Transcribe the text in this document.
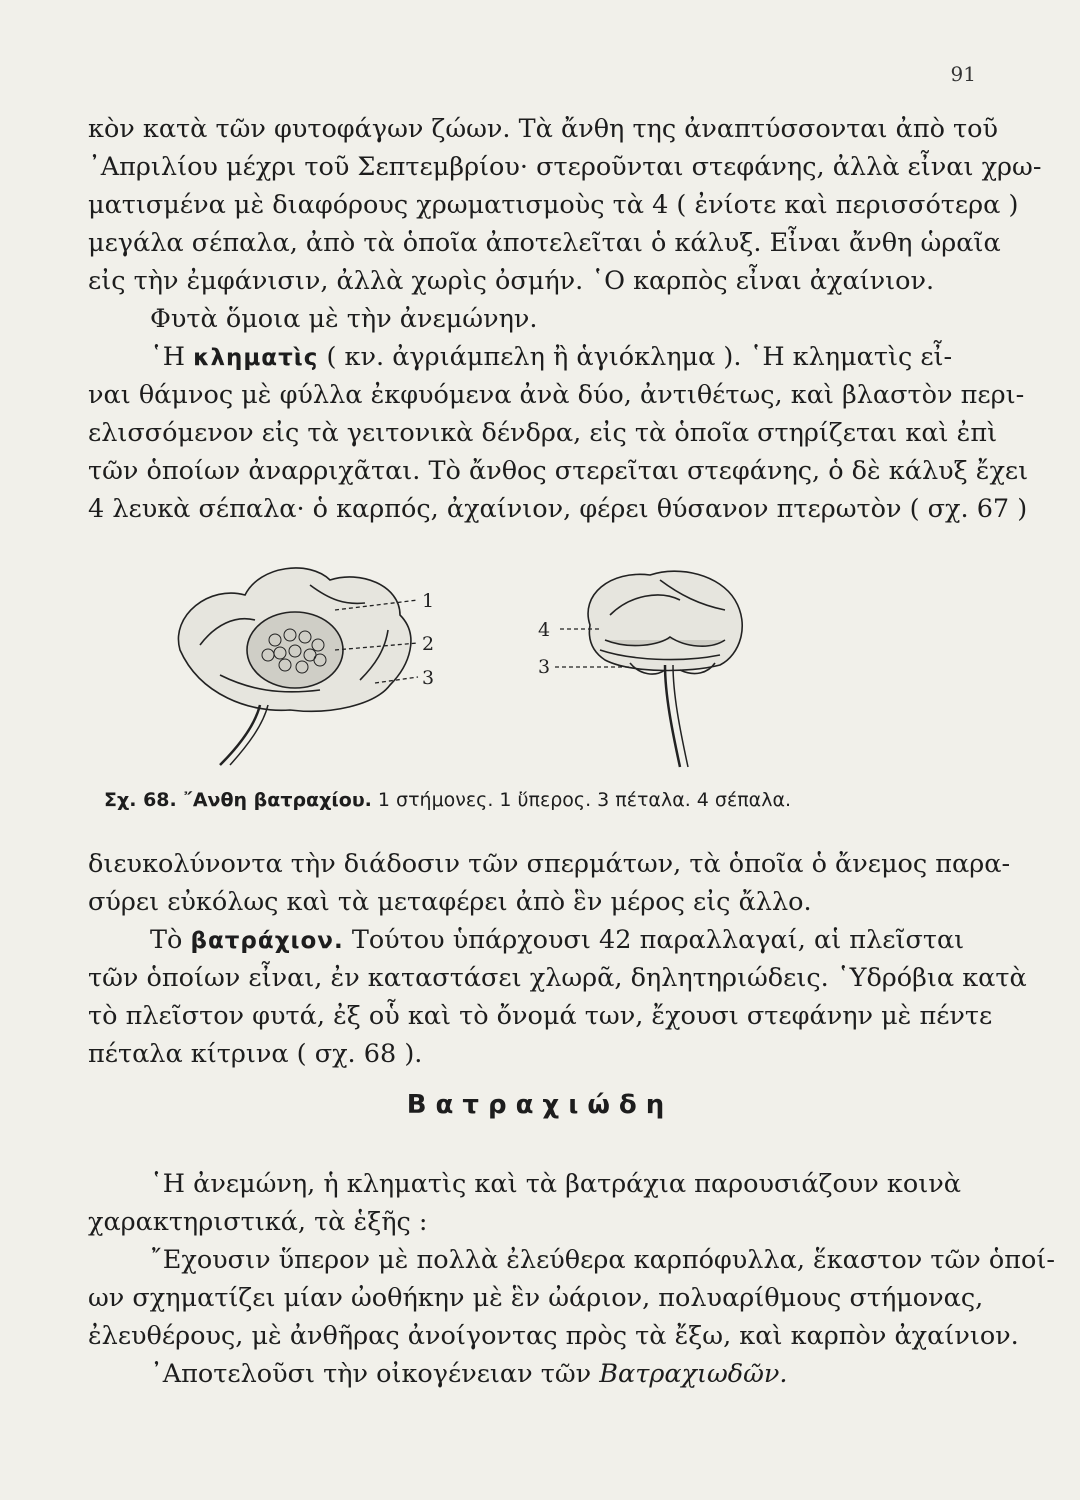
91
κὸν κατὰ τῶν φυτοφάγων ζώων. Τὰ ἄνθη της ἀναπτύσσονται ἀπὸ τοῦ
᾿Απριλίου μέχρι τοῦ Σεπτεμβρίου· στεροῦνται στεφάνης, ἀλλὰ εἶναι χρω-
ματισμένα μὲ διαφόρους χρωματισμοὺς τὰ 4 ( ἐνίοτε καὶ περισσότερα )
μεγάλα σέπαλα, ἀπὸ τὰ ὁποῖα ἀποτελεῖται ὁ κάλυξ. Εἶναι ἄνθη ὡραῖα
εἰς τὴν ἐμφάνισιν, ἀλλὰ χωρὶς ὀσμήν. ῾Ο καρπὸς εἶναι ἀχαίνιον.
Φυτὰ ὅμοια μὲ τὴν ἀνεμώνην.
῾Η κληματὶς ( κν. ἀγριάμπελη ἢ ἁγιόκλημα ). ῾Η κληματὶς εἶ-
ναι θάμνος μὲ φύλλα ἐκφυόμενα ἀνὰ δύο, ἀντιθέτως, καὶ βλαστὸν περι-
ελισσόμενον εἰς τὰ γειτονικὰ δένδρα, εἰς τὰ ὁποῖα στηρίζεται καὶ ἐπὶ
τῶν ὁποίων ἀναρριχᾶται. Τὸ ἄνθος στερεῖται στεφάνης, ὁ δὲ κάλυξ ἔχει
4 λευκὰ σέπαλα· ὁ καρπός, ἀχαίνιον, φέρει θύσανον πτερωτὸν ( σχ. 67 )
1
2
3
4
3
Σχ. 68. ῎Ανθη βατραχίου. 1 στήμονες. 1 ὕπερος. 3 πέταλα. 4 σέπαλα.
διευκολύνοντα τὴν διάδοσιν τῶν σπερμάτων, τὰ ὁποῖα ὁ ἄνεμος παρα-
σύρει εὐκόλως καὶ τὰ μεταφέρει ἀπὸ ἓν μέρος εἰς ἄλλο.
Τὸ βατράχιον. Τούτου ὑπάρχουσι 42 παραλλαγαί, αἱ πλεῖσται
τῶν ὁποίων εἶναι, ἐν καταστάσει χλωρᾶ, δηλητηριώδεις. ῾Υδρόβια κατὰ
τὸ πλεῖστον φυτά, ἐξ οὗ καὶ τὸ ὄνομά των, ἔχουσι στεφάνην μὲ πέντε
πέταλα κίτρινα ( σχ. 68 ).
Βατραχιώδη
῾Η ἀνεμώνη, ἡ κληματὶς καὶ τὰ βατράχια παρουσιάζουν κοινὰ
χαρακτηριστικά, τὰ ἑξῆς :
῎Εχουσιν ὕπερον μὲ πολλὰ ἐλεύθερα καρπόφυλλα, ἕκαστον τῶν ὁποί-
ων σχηματίζει μίαν ὠοθήκην μὲ ἓν ὠάριον, πολυαρίθμους στήμονας,
ἐλευθέρους, μὲ ἀνθῆρας ἀνοίγοντας πρὸς τὰ ἔξω, καὶ καρπὸν ἀχαίνιον.
᾿Αποτελοῦσι τὴν οἰκογένειαν τῶν Βατραχιωδῶν.
